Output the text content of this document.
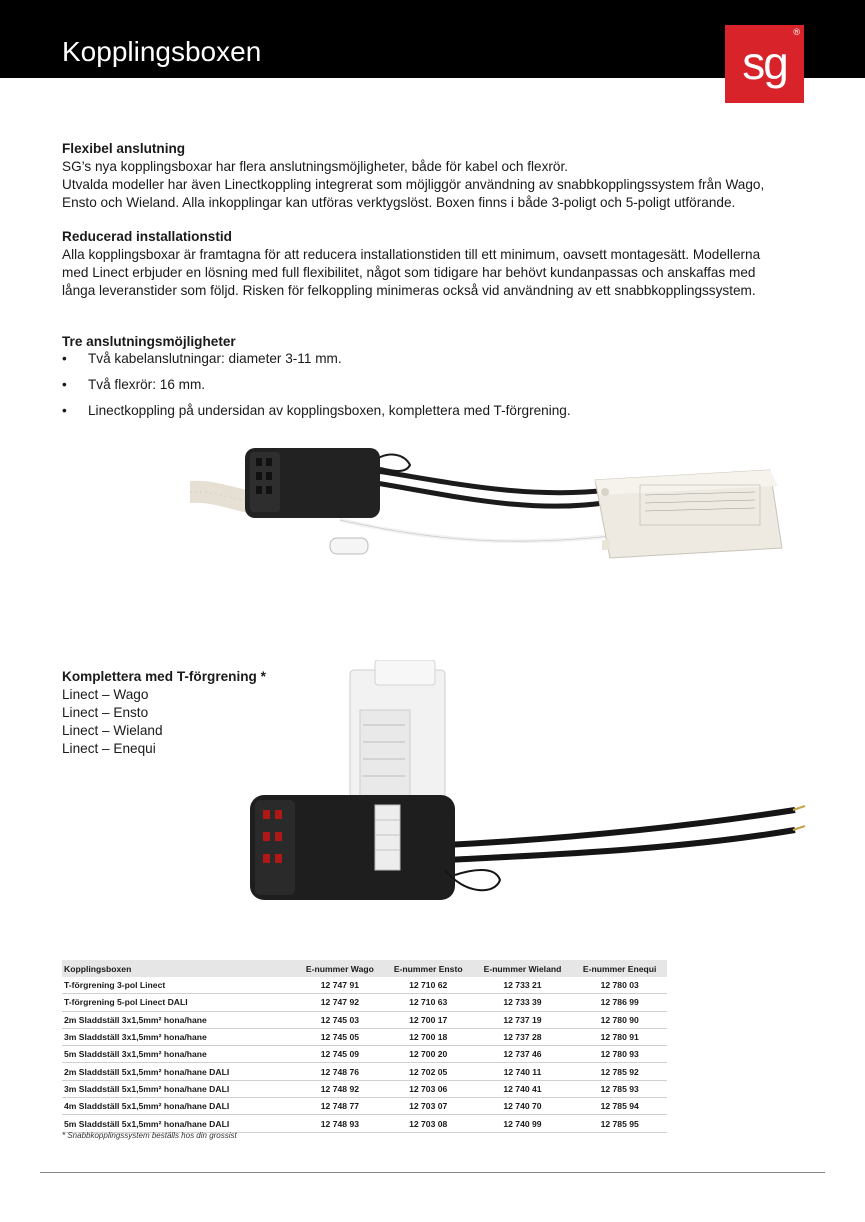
Kopplingsboxen	sg
®
Flexibel anslutning

SG’s nya kopplingsboxar har flera anslutningsmöjligheter, både för kabel och flexrör.

Utvalda modeller har även Linectkoppling integrerat som möjliggör användning av snabbkopplingssystem från Wago,

Ensto och Wieland. Alla inkopplingar kan utföras verktygslöst. Boxen finns i både 3-poligt och 5-poligt utförande.

Reducerad installationstid

Alla kopplingsboxar är framtagna för att reducera installationstiden till ett minimum, oavsett montagesätt. Modellerna

med Linect erbjuder en lösning med full flexibilitet, något som tidigare har behövt kundanpassas och anskaffas med

långa leveranstider som följd. Risken för felkoppling minimeras också vid användning av ett snabbkopplingssystem.

Tre anslutningsmöjligheter
• Två kabelanslutningar: diameter 3-11 mm.
• Två flexrör: 16 mm.
• Linectkoppling på undersidan av kopplingsboxen, komplettera med T-förgrening.
Komplettera med T-förgrening *

Linect – Wago

Linect – Ensto

Linect – Wieland

Linect – Enequi

Kopplingsboxen	E-nummer Wago	E-nummer Ensto	E-nummer Wieland	E-nummer Enequi
T-förgrening 3-pol Linect	12 747 91	12 710 62	12 733 21	12 780 03
T-förgrening 5-pol Linect DALI	12 747 92	12 710 63	12 733 39	12 786 99
2m Sladdställ 3x1,5mm² hona/hane	12 745 03	12 700 17	12 737 19	12 780 90
3m Sladdställ 3x1,5mm² hona/hane	12 745 05	12 700 18	12 737 28	12 780 91
5m Sladdställ 3x1,5mm² hona/hane	12 745 09	12 700 20	12 737 46	12 780 93
2m Sladdställ 5x1,5mm² hona/hane DALI	12 748 76	12 702 05	12 740 11	12 785 92
3m Sladdställ 5x1,5mm² hona/hane DALI	12 748 92	12 703 06	12 740 41	12 785 93
4m Sladdställ 5x1,5mm² hona/hane DALI	12 748 77	12 703 07	12 740 70	12 785 94
5m Sladdställ 5x1,5mm² hona/hane DALI	12 748 93	12 703 08	12 740 99	12 785 95
* Snabbkopplingssystem beställs hos din grossist
